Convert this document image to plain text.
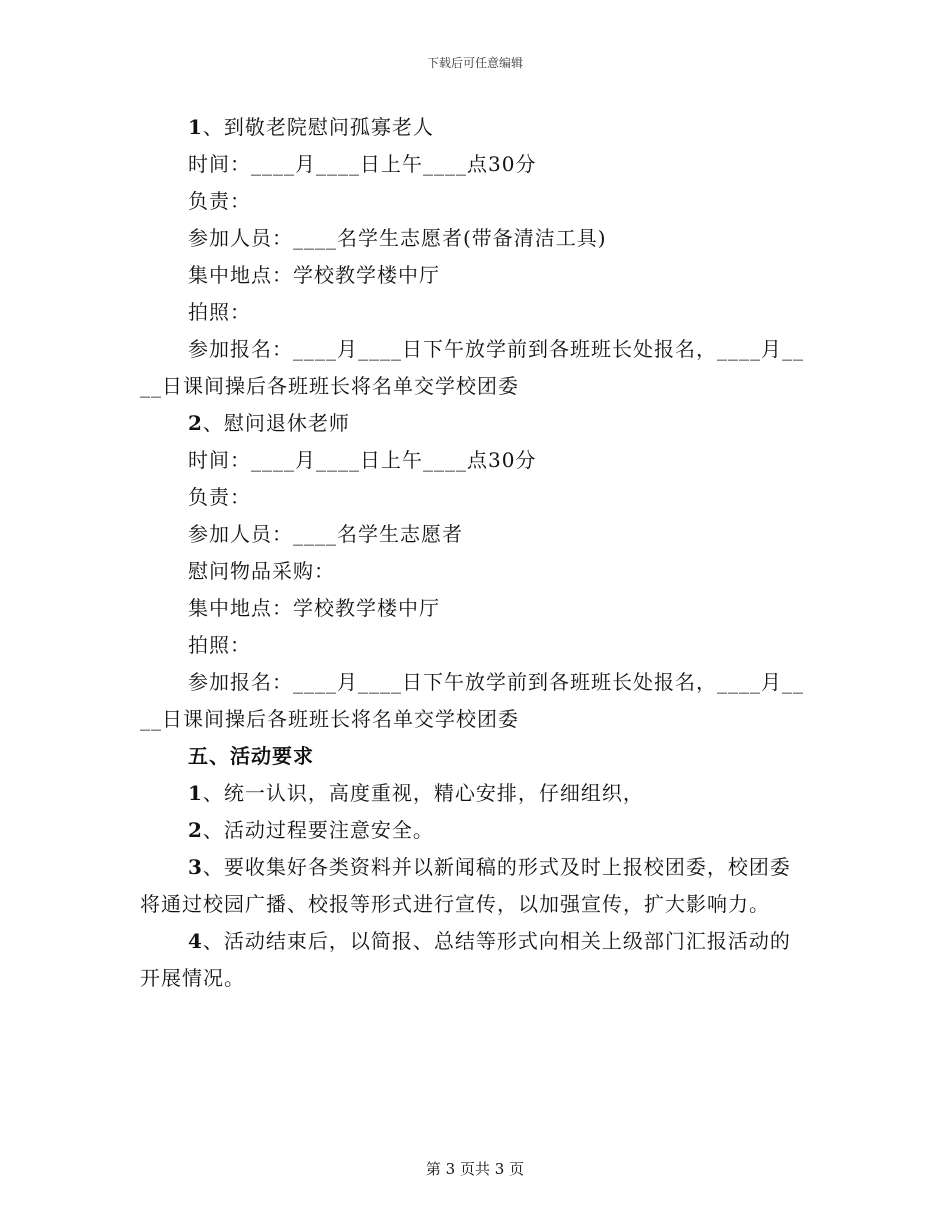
下载后可任意编辑

1、到敬老院慰问孤寡老人

时间：____月____日上午____点30分

负责：

参加人员：____名学生志愿者(带备清洁工具)

集中地点：学校教学楼中厅

拍照：

参加报名：____月____日下午放学前到各班班长处报名，____月____日课间操后各班班长将名单交学校团委

2、慰问退休老师

时间：____月____日上午____点30分

负责：

参加人员：____名学生志愿者

慰问物品采购：

集中地点：学校教学楼中厅

拍照：

参加报名：____月____日下午放学前到各班班长处报名，____月____日课间操后各班班长将名单交学校团委

五、活动要求

1、统一认识，高度重视，精心安排，仔细组织，

2、活动过程要注意安全。

3、要收集好各类资料并以新闻稿的形式及时上报校团委，校团委将通过校园广播、校报等形式进行宣传，以加强宣传，扩大影响力。

4、活动结束后，以简报、总结等形式向相关上级部门汇报活动的开展情况。

第 3 页共 3 页
